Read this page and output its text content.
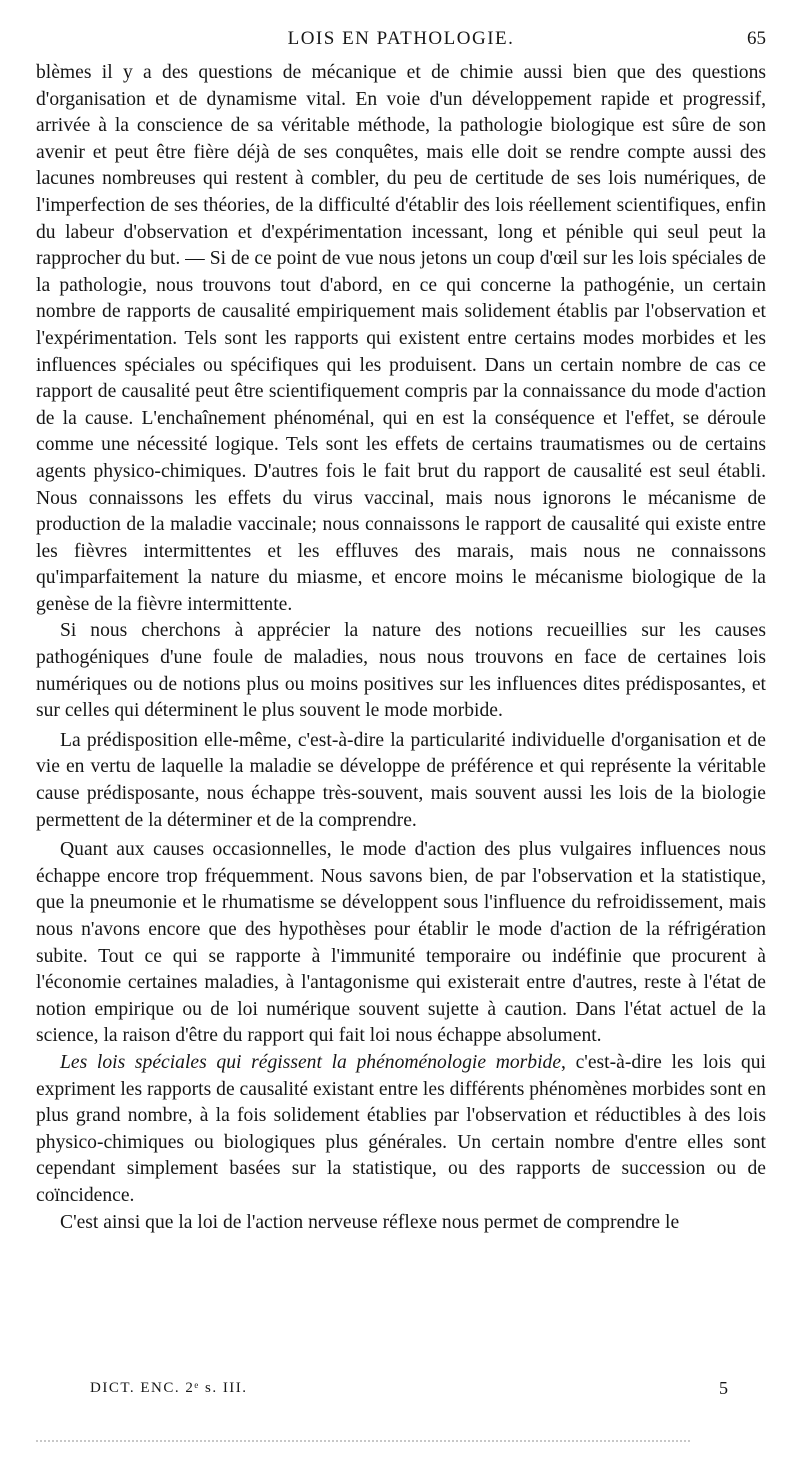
LOIS EN PATHOLOGIE.	65

blèmes il y a des questions de mécanique et de chimie aussi bien que des questions d'organisation et de dynamisme vital. En voie d'un développement rapide et progressif, arrivée à la conscience de sa véritable méthode, la pathologie biologique est sûre de son avenir et peut être fière déjà de ses conquêtes, mais elle doit se rendre compte aussi des lacunes nombreuses qui restent à combler, du peu de certitude de ses lois numériques, de l'imperfection de ses théories, de la difficulté d'établir des lois réellement scientifiques, enfin du labeur d'observation et d'expérimentation incessant, long et pénible qui seul peut la rapprocher du but. — Si de ce point de vue nous jetons un coup d'œil sur les lois spéciales de la pathologie, nous trouvons tout d'abord, en ce qui concerne la pathogénie, un certain nombre de rapports de causalité empiriquement mais solidement établis par l'observation et l'expérimentation. Tels sont les rapports qui existent entre certains modes morbides et les influences spéciales ou spécifiques qui les produisent. Dans un certain nombre de cas ce rapport de causalité peut être scientifiquement compris par la connaissance du mode d'action de la cause. L'enchaînement phénoménal, qui en est la conséquence et l'effet, se déroule comme une nécessité logique. Tels sont les effets de certains traumatismes ou de certains agents physico-chimiques. D'autres fois le fait brut du rapport de causalité est seul établi. Nous connaissons les effets du virus vaccinal, mais nous ignorons le mécanisme de production de la maladie vaccinale; nous connaissons le rapport de causalité qui existe entre les fièvres intermittentes et les effluves des marais, mais nous ne connaissons qu'imparfaitement la nature du miasme, et encore moins le mécanisme biologique de la genèse de la fièvre intermittente.

Si nous cherchons à apprécier la nature des notions recueillies sur les causes pathogéniques d'une foule de maladies, nous nous trouvons en face de certaines lois numériques ou de notions plus ou moins positives sur les influences dites prédisposantes, et sur celles qui déterminent le plus souvent le mode morbide.

La prédisposition elle-même, c'est-à-dire la particularité individuelle d'organisation et de vie en vertu de laquelle la maladie se développe de préférence et qui représente la véritable cause prédisposante, nous échappe très-souvent, mais souvent aussi les lois de la biologie permettent de la déterminer et de la comprendre.

Quant aux causes occasionnelles, le mode d'action des plus vulgaires influences nous échappe encore trop fréquemment. Nous savons bien, de par l'observation et la statistique, que la pneumonie et le rhumatisme se développent sous l'influence du refroidissement, mais nous n'avons encore que des hypothèses pour établir le mode d'action de la réfrigération subite. Tout ce qui se rapporte à l'immunité temporaire ou indéfinie que procurent à l'économie certaines maladies, à l'antagonisme qui existerait entre d'autres, reste à l'état de notion empirique ou de loi numérique souvent sujette à caution. Dans l'état actuel de la science, la raison d'être du rapport qui fait loi nous échappe absolument.

Les lois spéciales qui régissent la phénoménologie morbide, c'est-à-dire les lois qui expriment les rapports de causalité existant entre les différents phénomènes morbides sont en plus grand nombre, à la fois solidement établies par l'observation et réductibles à des lois physico-chimiques ou biologiques plus générales. Un certain nombre d'entre elles sont cependant simplement basées sur la statistique, ou des rapports de succession ou de coïncidence.

C'est ainsi que la loi de l'action nerveuse réflexe nous permet de comprendre le

DICT. ENC. 2ᵉ s. III.	5
